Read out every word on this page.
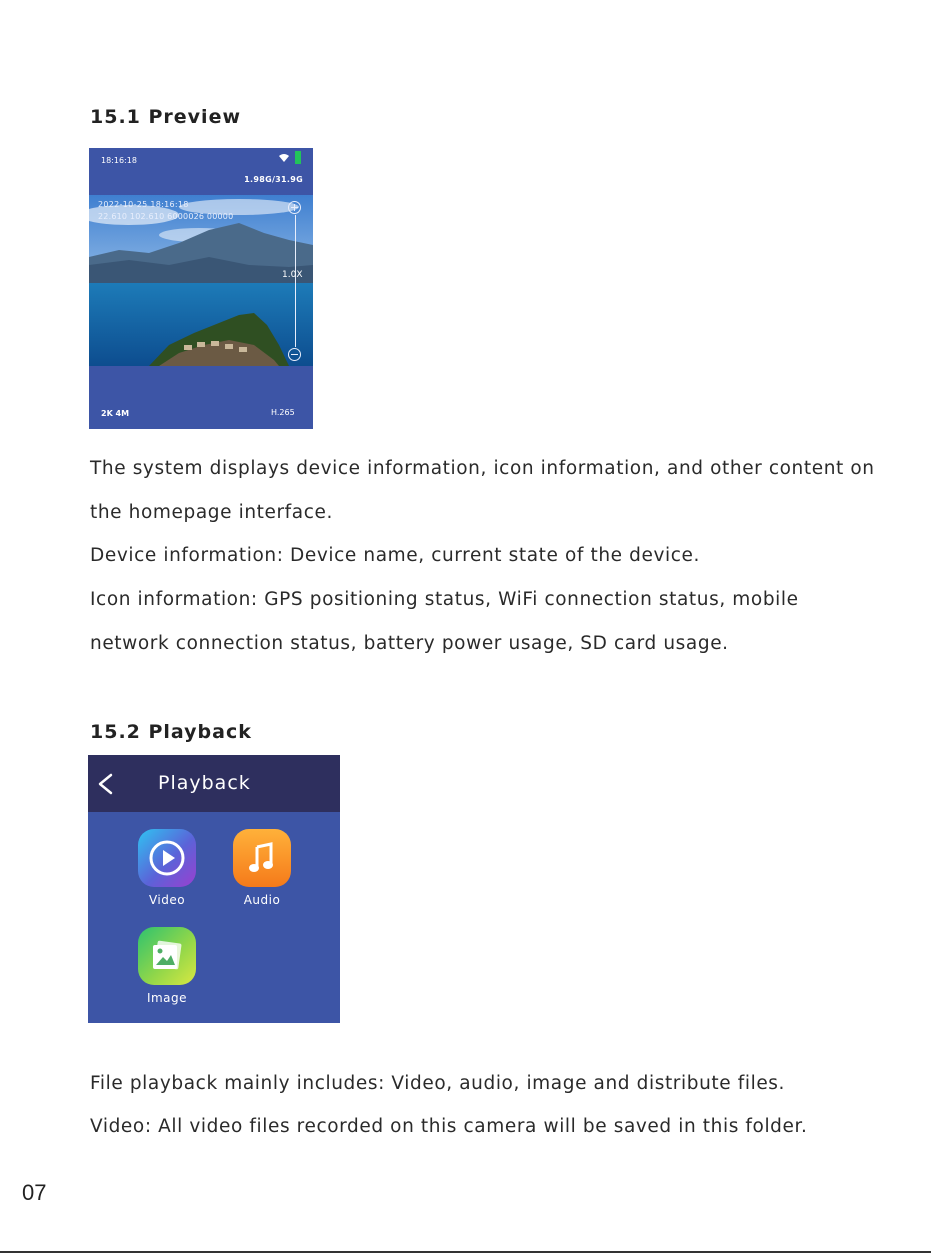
15.1 Preview
18:16:18
1.98G/31.9G
2022-10-25 18:16:18
22.610 102.610 6000026 00000
1.0X
2K 4M	H.265

The system displays device information, icon information, and other content on

the homepage interface.

Device information: Device name, current state of the device.

Icon information: GPS positioning status, WiFi connection status, mobile

network connection status, battery power usage, SD card usage.

15.2 Playback
Playback
Video	Audio
Image

File playback mainly includes: Video, audio, image and distribute files.

Video: All video files recorded on this camera will be saved in this folder.

07
